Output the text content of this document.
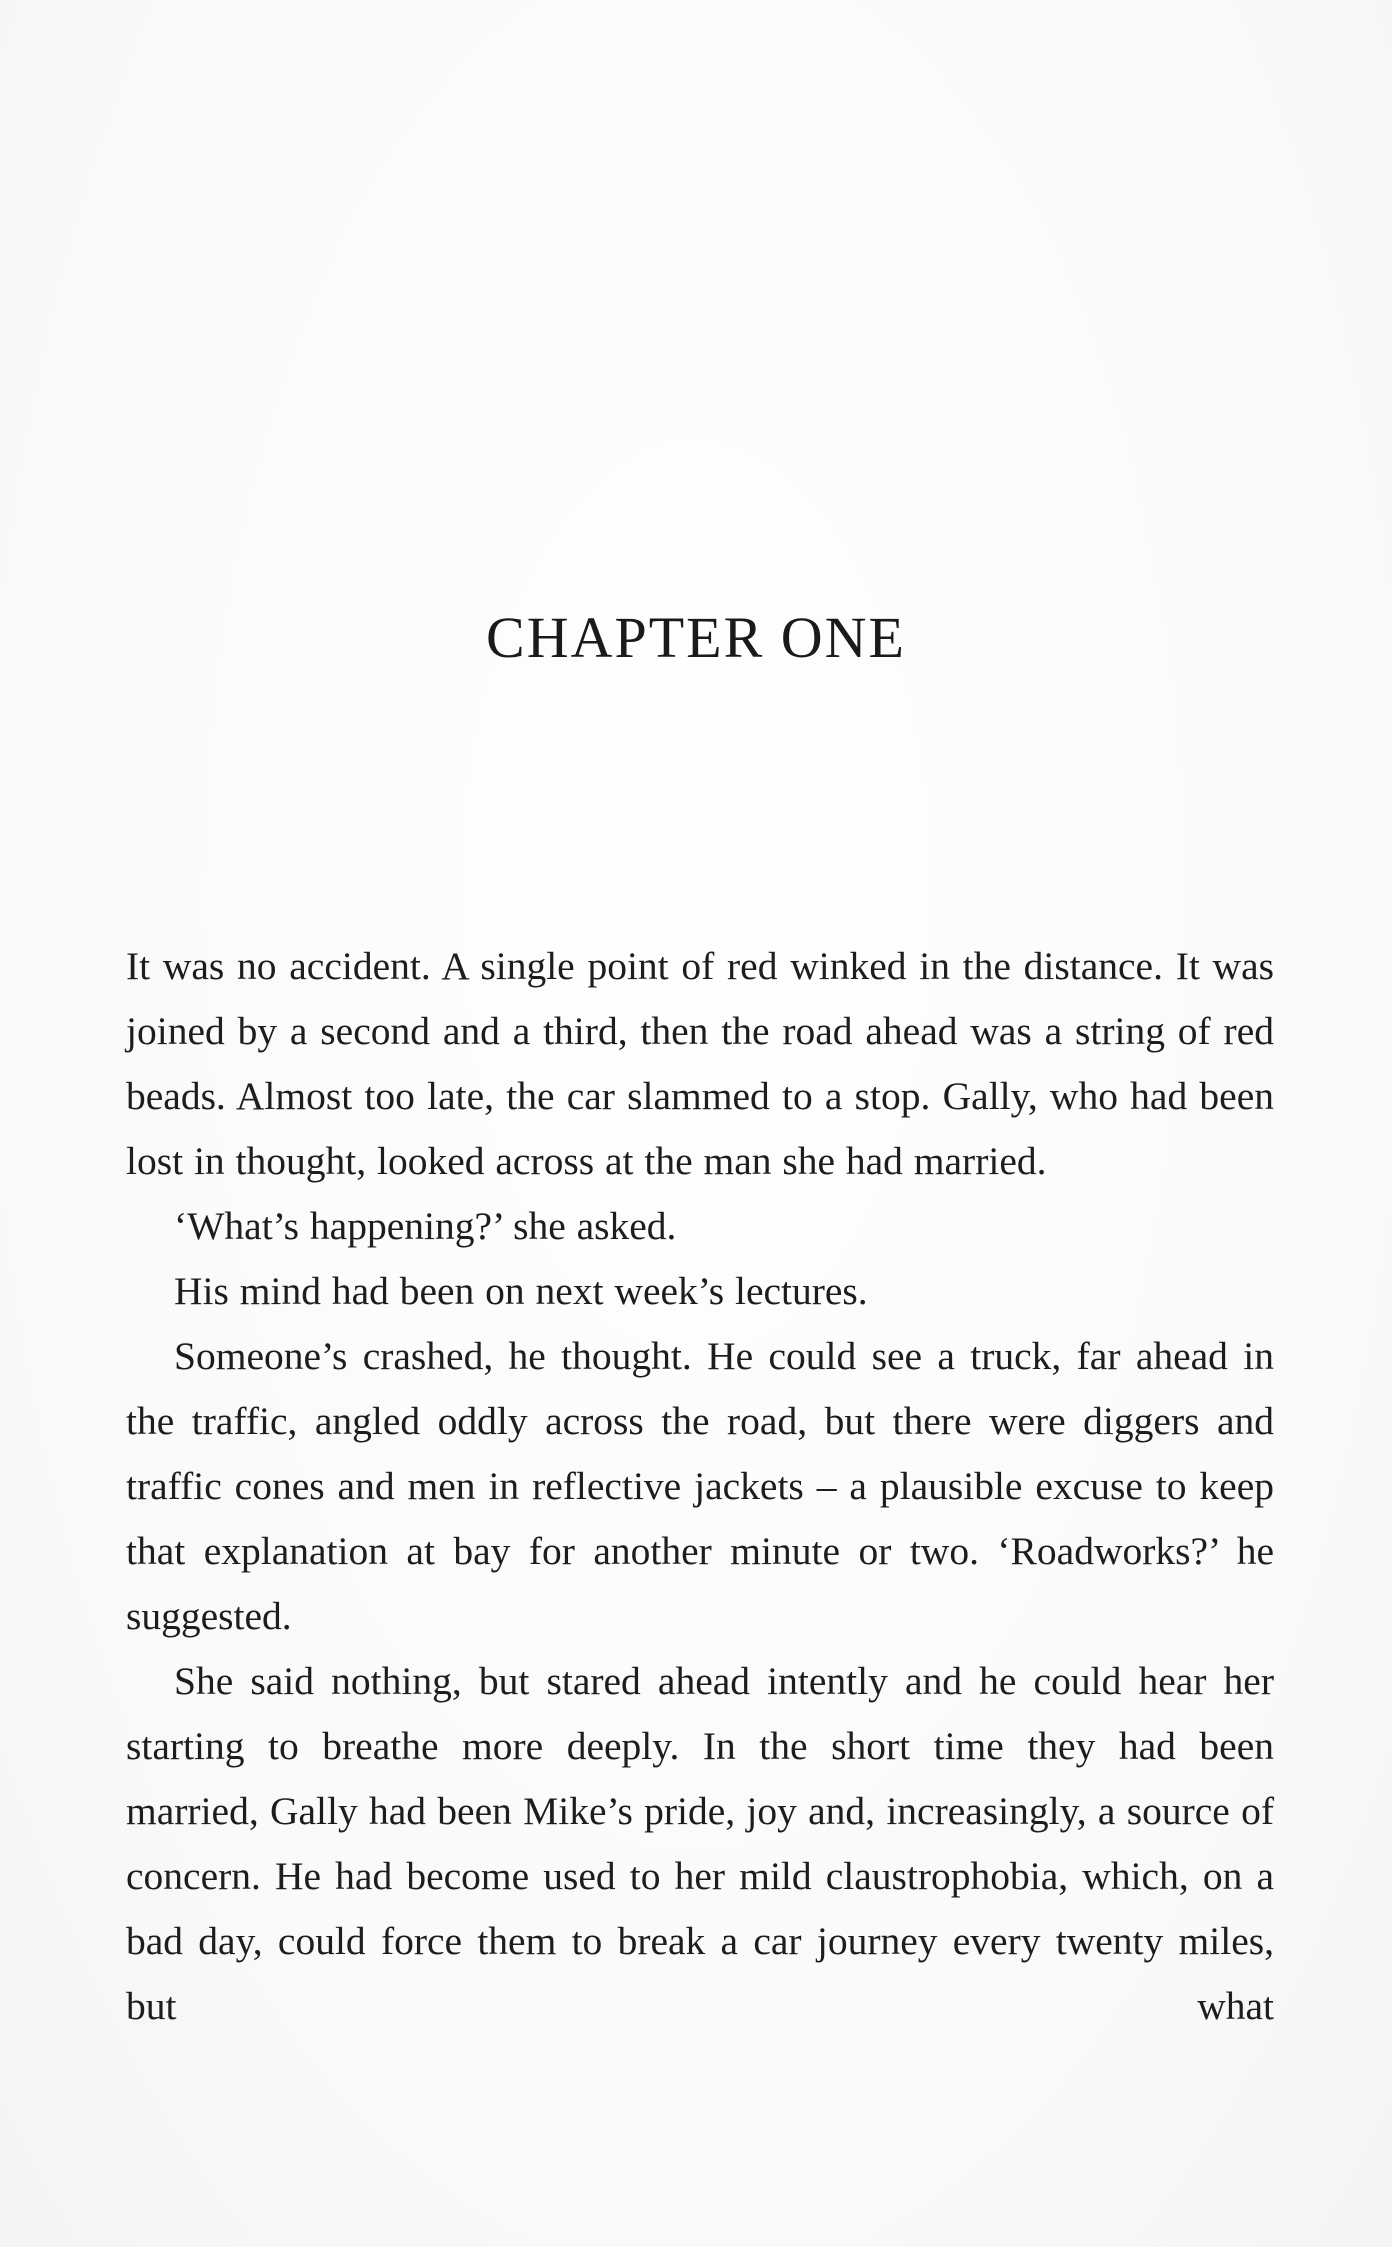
CHAPTER ONE

It was no accident. A single point of red winked in the distance. It was joined by a second and a third, then the road ahead was a string of red beads. Almost too late, the car slammed to a stop. Gally, who had been lost in thought, looked across at the man she had married.

‘What’s happening?’ she asked.

His mind had been on next week’s lectures.

Someone’s crashed, he thought. He could see a truck, far ahead in the traffic, angled oddly across the road, but there were diggers and traffic cones and men in reflective jackets – a plausible excuse to keep that explanation at bay for another minute or two. ‘Roadworks?’ he suggested.

She said nothing, but stared ahead intently and he could hear her starting to breathe more deeply. In the short time they had been married, Gally had been Mike’s pride, joy and, increasingly, a source of concern. He had become used to her mild claustrophobia, which, on a bad day, could force them to break a car journey every twenty miles, but what
